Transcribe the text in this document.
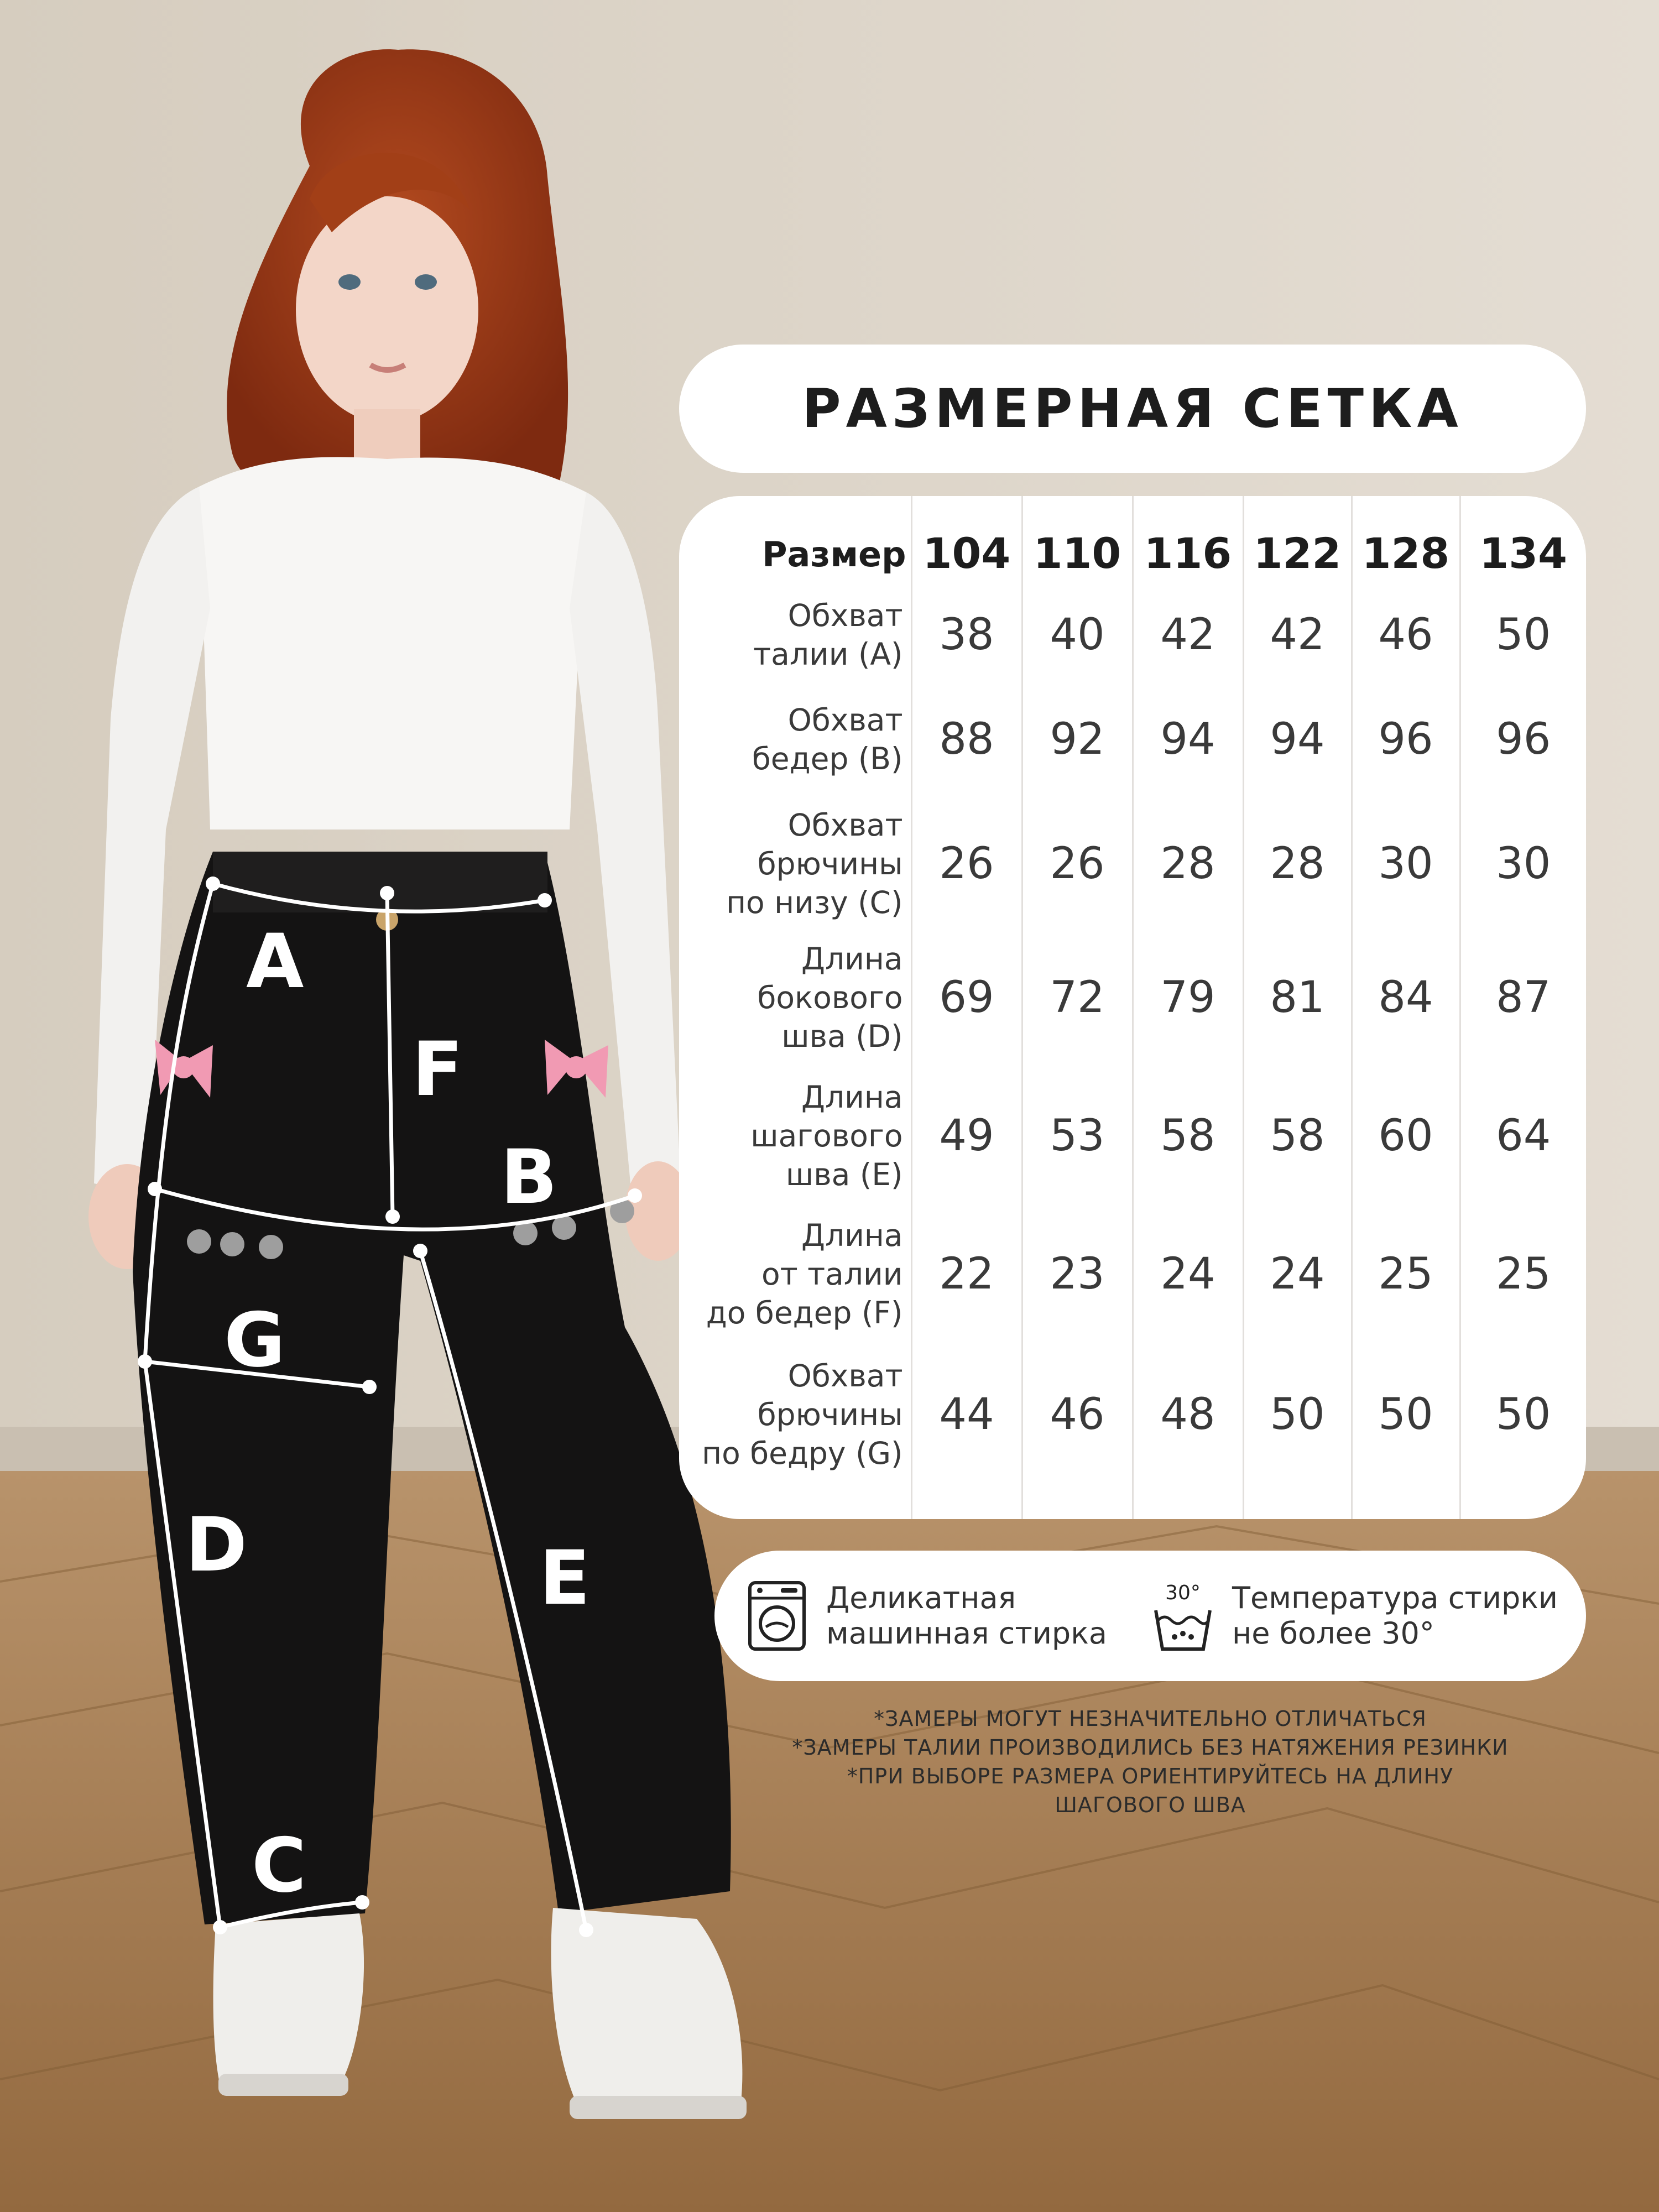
A
B
C
D	E
F
G
РАЗМЕРНАЯ СЕТКА
Размер	104	110	116	122	128	134
Обхват
талии (A)	38	40	42	42	46	50
Обхват
бедер (B)	88	92	94	94	96	96
Обхват
брючины
по низу (C)	26	26	28	28	30	30
Длина
бокового
шва (D)	69	72	79	81	84	87
Длина
шагового
шва (E)	49	53	58	58	60	64
Длина
от талии
до бедер (F)	22	23	24	24	25	25
Обхват
брючины
по бедру (G)	44	46	48	50	50	50
Деликатная
машинная стирка
30° Температура стирки
не более 30°
*ЗАМЕРЫ МОГУТ НЕЗНАЧИТЕЛЬНО ОТЛИЧАТЬСЯ
*ЗАМЕРЫ ТАЛИИ ПРОИЗВОДИЛИСЬ БЕЗ НАТЯЖЕНИЯ РЕЗИНКИ
*ПРИ ВЫБОРЕ РАЗМЕРА ОРИЕНТИРУЙТЕСЬ НА ДЛИНУ
ШАГОВОГО ШВА
